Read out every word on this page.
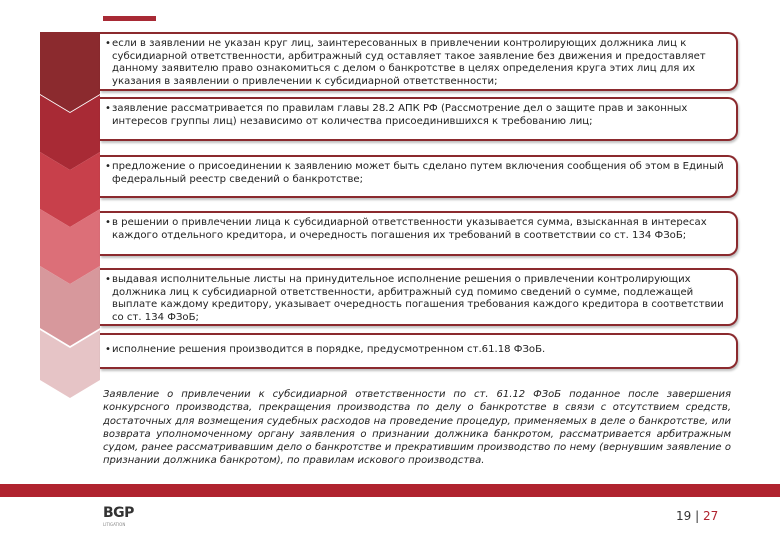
• если в заявлении не указан круг лиц, заинтересованных в привлечении контролирующих должника лиц к субсидиарной ответственности, арбитражный суд оставляет такое заявление без движения и предоставляет данному заявителю право ознакомиться с делом о банкротстве в целях определения круга этих лиц для их указания в заявлении о привлечении к субсидиарной ответственности;
• заявление рассматривается по правилам главы 28.2 АПК РФ (Рассмотрение дел о защите прав и законных интересов группы лиц) независимо от количества присоединившихся к требованию лиц;
• предложение о присоединении к заявлению может быть сделано путем включения сообщения об этом в Единый федеральный реестр сведений о банкротстве;
• в решении о привлечении лица к субсидиарной ответственности указывается сумма, взысканная в интересах каждого отдельного кредитора, и очередность погашения их требований в соответствии со ст. 134 ФЗоБ;
• выдавая исполнительные листы на принудительное исполнение решения о привлечении контролирующих должника лиц к субсидиарной ответственности, арбитражный суд помимо сведений о сумме, подлежащей выплате каждому кредитору, указывает очередность погашения требования каждого кредитора в соответствии со ст. 134 ФЗоБ;
• исполнение решения производится в порядке, предусмотренном ст.61.18 ФЗоБ.
Заявление о привлечении к субсидиарной ответственности по ст. 61.12 ФЗоБ поданное после завершения конкурсного производства, прекращения производства по делу о банкротстве в связи с отсутствием средств, достаточных для возмещения судебных расходов на проведение процедур, применяемых в деле о банкротстве, или возврата уполномоченному органу заявления о признании должника банкротом, рассматривается арбитражным судом, ранее рассматривавшим дело о банкротстве и прекратившим производство по нему (вернувшим заявление о признании должника банкротом), по правилам искового производства.
BGP
LITIGATION
19 | 27
